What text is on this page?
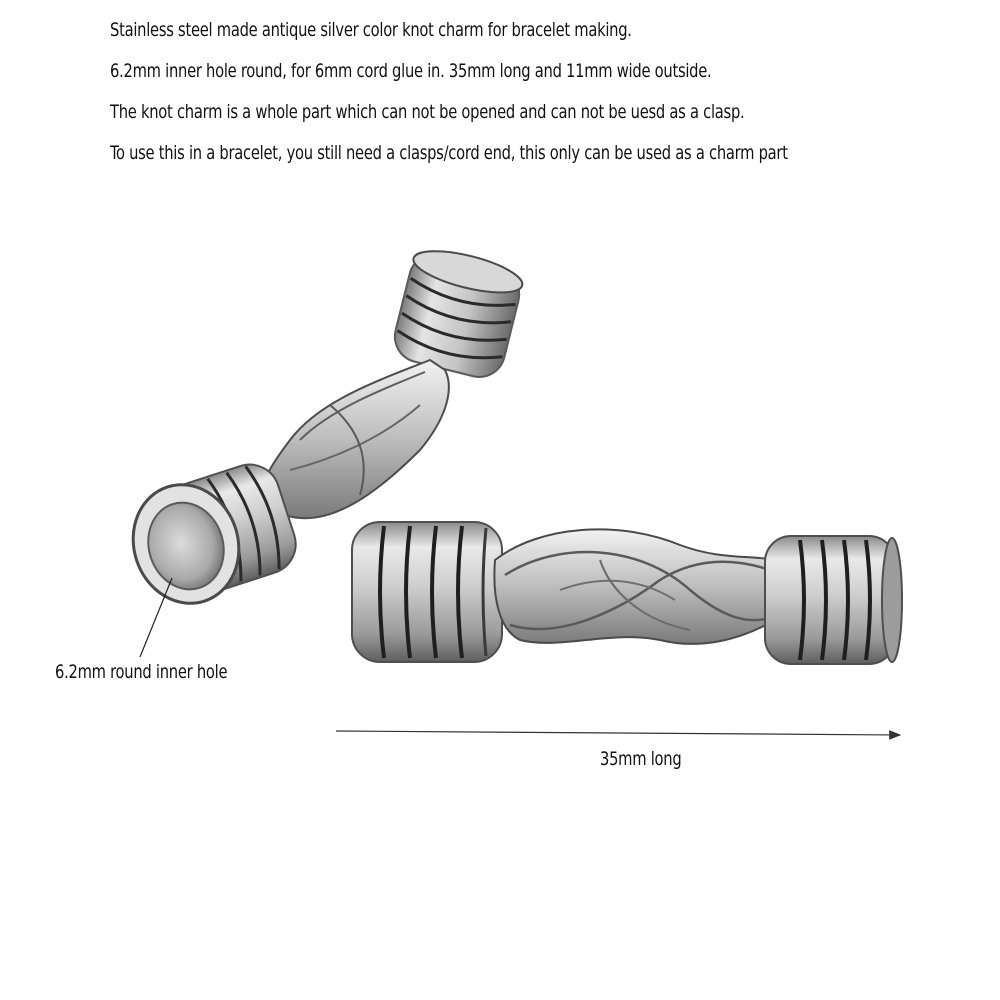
Stainless steel made antique silver color knot charm for bracelet making.

6.2mm inner hole round, for 6mm cord glue in. 35mm long and 11mm wide outside.

The knot charm is a whole part which can not be opened and can not be uesd as a clasp.

To use this in a bracelet, you still need a clasps/cord end, this only can be used as a charm part

6.2mm round inner hole
35mm long
